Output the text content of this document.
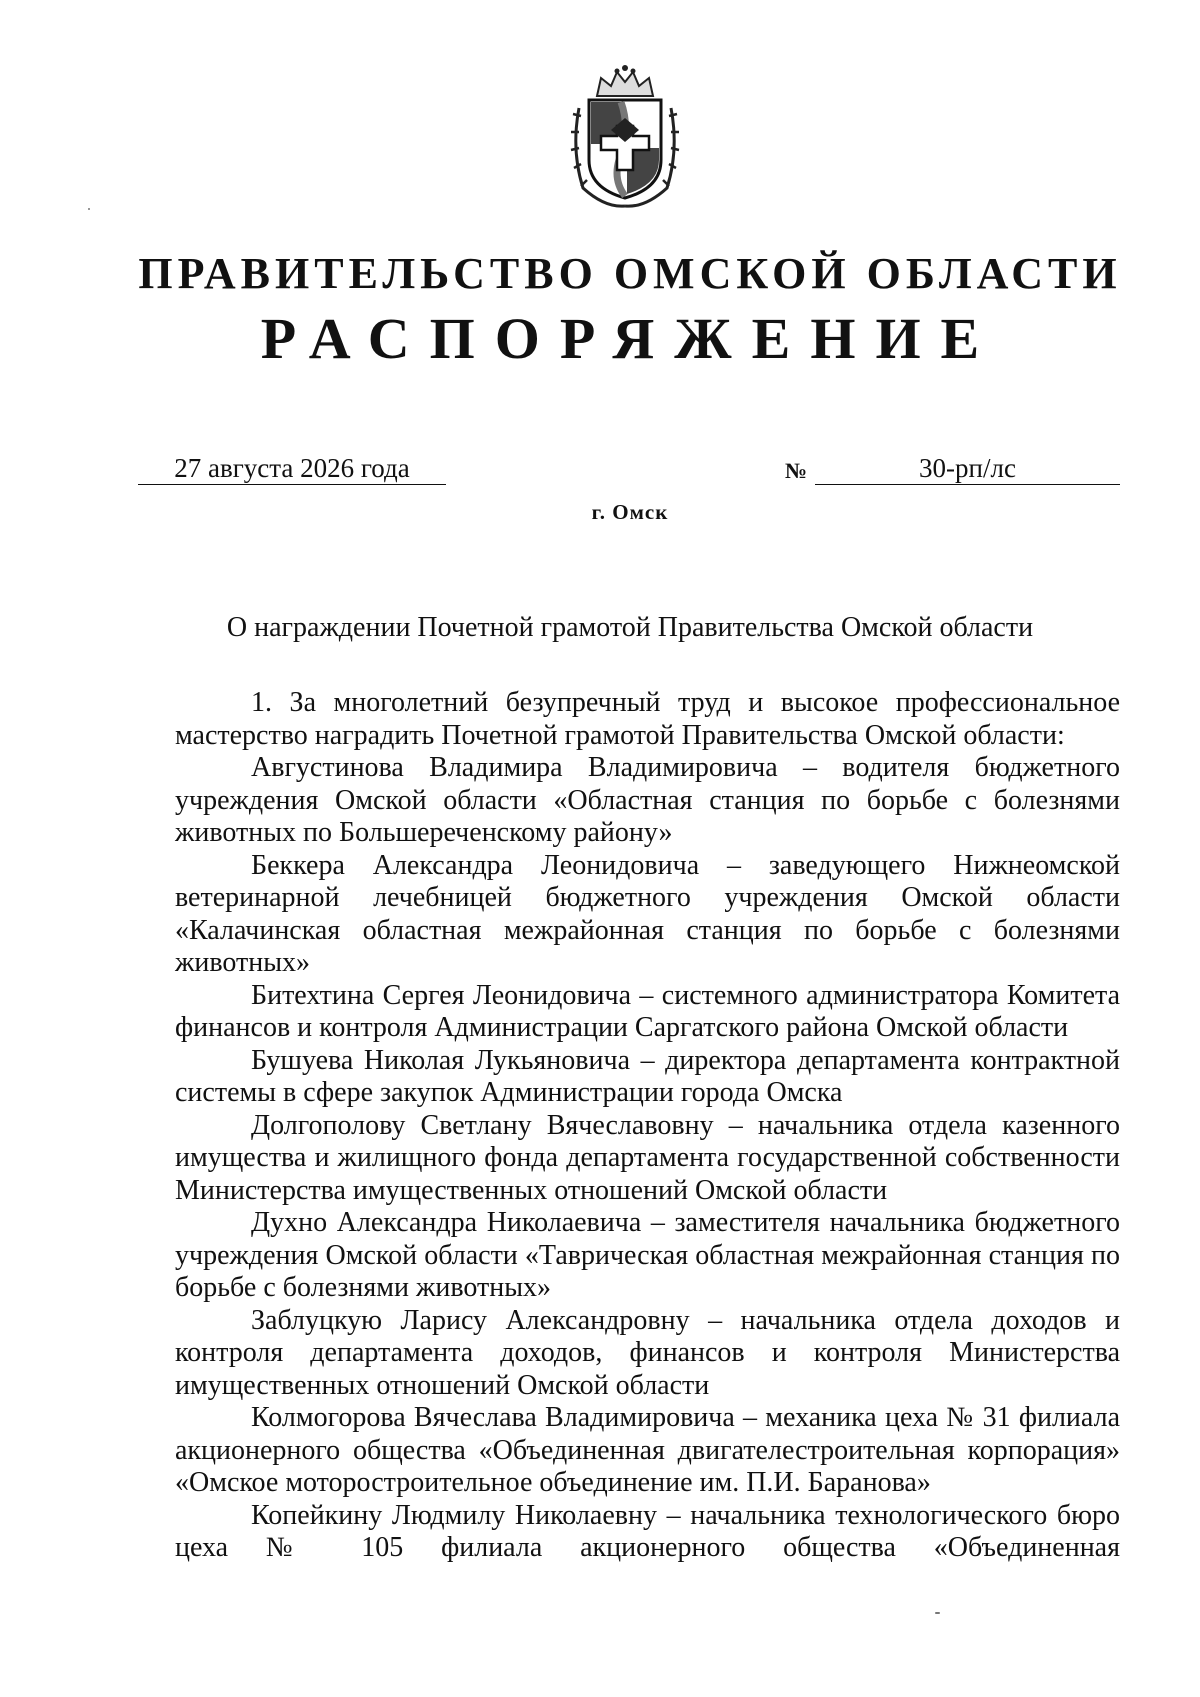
ПРАВИТЕЛЬСТВО ОМСКОЙ ОБЛАСТИ
РАСПОРЯЖЕНИЕ
27 августа 2026 года	№	30-рп/лс
г. Омск
О награждении Почетной грамотой Правительства Омской области

1. За многолетний безупречный труд и высокое профессиональное мастерство наградить Почетной грамотой Правительства Омской области:

Августинова Владимира Владимировича – водителя бюджетного учреждения Омской области «Областная станция по борьбе с болезнями животных по Большереченскому району»

Беккера Александра Леонидовича – заведующего Нижнеомской ветеринарной лечебницей бюджетного учреждения Омской области «Калачинская областная межрайонная станция по борьбе с болезнями животных»

Битехтина Сергея Леонидовича – системного администратора Комитета финансов и контроля Администрации Саргатского района Омской области

Бушуева Николая Лукьяновича – директора департамента контрактной системы в сфере закупок Администрации города Омска

Долгополову Светлану Вячеславовну – начальника отдела казенного имущества и жилищного фонда департамента государственной собственности Министерства имущественных отношений Омской области

Духно Александра Николаевича – заместителя начальника бюджетного учреждения Омской области «Таврическая областная межрайонная станция по борьбе с болезнями животных»

Заблуцкую Ларису Александровну – начальника отдела доходов и контроля департамента доходов, финансов и контроля Министерства имущественных отношений Омской области

Колмогорова Вячеслава Владимировича – механика цеха № 31 филиала акционерного общества «Объединенная двигателестроительная корпорация» «Омское моторостроительное объединение им. П.И. Баранова»

Копейкину Людмилу Николаевну – начальника технологического бюро цеха № 105 филиала акционерного общества «Объединенная
